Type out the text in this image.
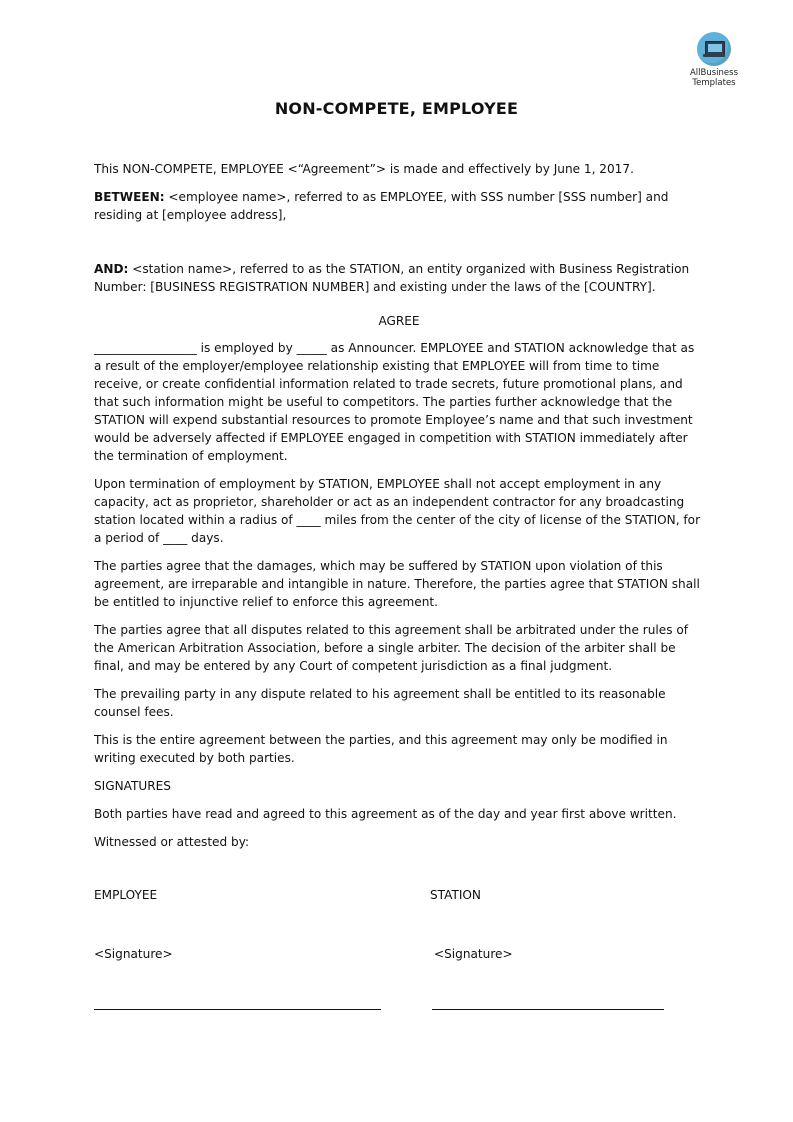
AllBusiness
Templates
NON-COMPETE, EMPLOYEE

This NON-COMPETE, EMPLOYEE <“Agreement”> is made and effectively by June 1, 2017.

BETWEEN: <employee name>, referred to as EMPLOYEE, with SSS number [SSS number] and residing at [employee address],

AND: <station name>, referred to as the STATION, an entity organized with Business Registration Number: [BUSINESS REGISTRATION NUMBER] and existing under the laws of the [COUNTRY].

AGREE

_________________ is employed by _____ as Announcer. EMPLOYEE and STATION acknowledge that as a result of the employer/employee relationship existing that EMPLOYEE will from time to time receive, or create confidential information related to trade secrets, future promotional plans, and that such information might be useful to competitors. The parties further acknowledge that the STATION will expend substantial resources to promote Employee’s name and that such investment would be adversely affected if EMPLOYEE engaged in competition with STATION immediately after the termination of employment.

Upon termination of employment by STATION, EMPLOYEE shall not accept employment in any capacity, act as proprietor, shareholder or act as an independent contractor for any broadcasting station located within a radius of ____ miles from the center of the city of license of the STATION, for a period of ____ days.

The parties agree that the damages, which may be suffered by STATION upon violation of this agreement, are irreparable and intangible in nature. Therefore, the parties agree that STATION shall be entitled to injunctive relief to enforce this agreement.

The parties agree that all disputes related to this agreement shall be arbitrated under the rules of the American Arbitration Association, before a single arbiter. The decision of the arbiter shall be final, and may be entered by any Court of competent jurisdiction as a final judgment.

The prevailing party in any dispute related to his agreement shall be entitled to its reasonable counsel fees.

This is the entire agreement between the parties, and this agreement may only be modified in writing executed by both parties.

SIGNATURES

Both parties have read and agreed to this agreement as of the day and year first above written.

Witnessed or attested by:

EMPLOYEE	STATION
<Signature>	<Signature>
